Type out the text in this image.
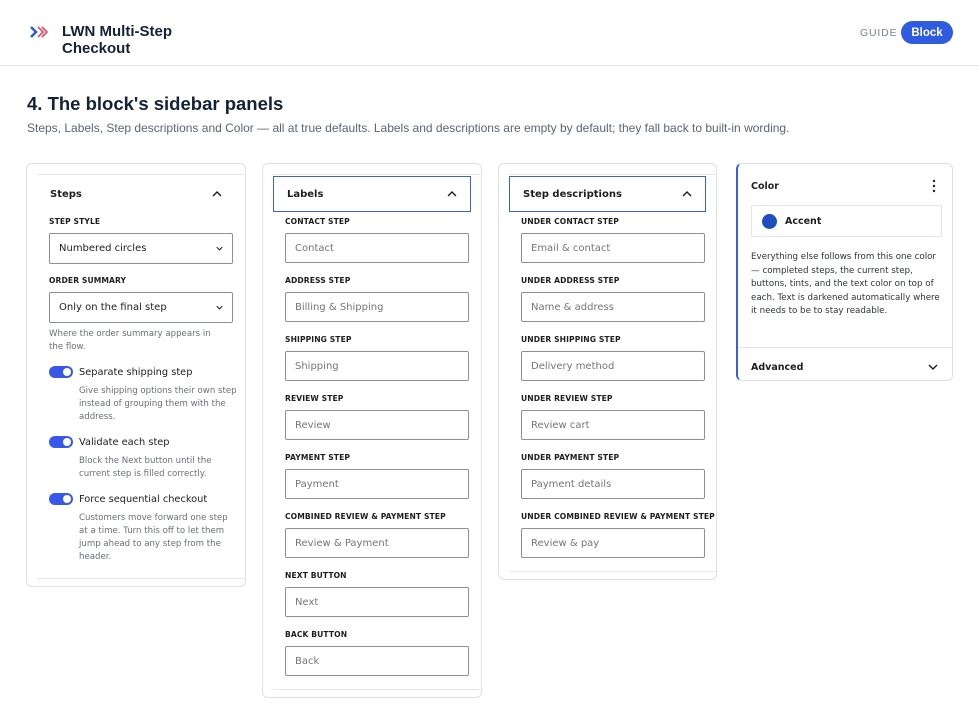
LWN Multi-Step Checkout
GUIDE	Block
4. The block's sidebar panels
Steps, Labels, Step descriptions and Color — all at true defaults. Labels and descriptions are empty by default; they fall back to built-in wording.
Steps
STEP STYLE
Numbered circles
ORDER SUMMARY
Only on the final step
Where the order summary appears in the flow.
Separate shipping step
Give shipping options their own step instead of grouping them with the address.
Validate each step
Block the Next button until the current step is filled correctly.
Force sequential checkout
Customers move forward one step at a time. Turn this off to let them jump ahead to any step from the header.
Labels
CONTACT STEP
Contact
ADDRESS STEP
Billing & Shipping
SHIPPING STEP
Shipping
REVIEW STEP
Review
PAYMENT STEP
Payment
COMBINED REVIEW & PAYMENT STEP
Review & Payment
NEXT BUTTON
Next
BACK BUTTON
Back
Step descriptions
UNDER CONTACT STEP
Email & contact
UNDER ADDRESS STEP
Name & address
UNDER SHIPPING STEP
Delivery method
UNDER REVIEW STEP
Review cart
UNDER PAYMENT STEP
Payment details
UNDER COMBINED REVIEW & PAYMENT STEP
Review & pay
Color
Accent
Everything else follows from this one color — completed steps, the current step, buttons, tints, and the text color on top of each. Text is darkened automatically where it needs to be to stay readable.
Advanced
